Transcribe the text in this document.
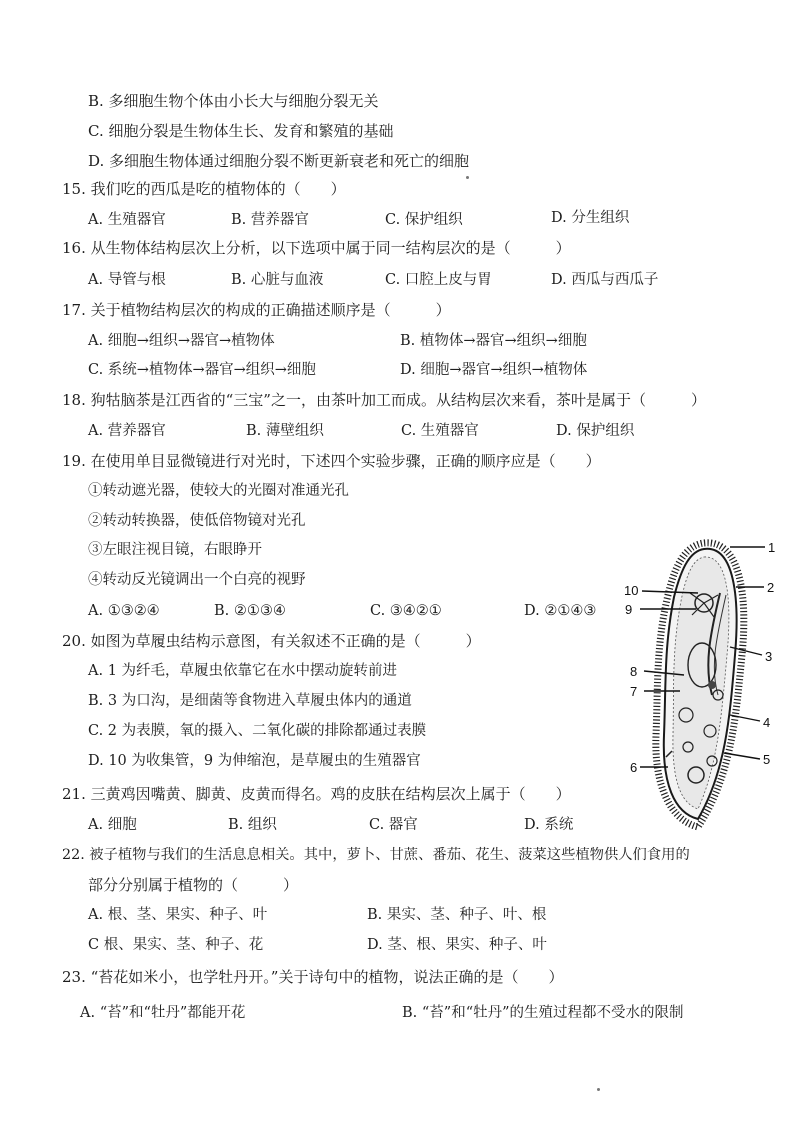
B. 多细胞生物个体由小长大与细胞分裂无关
C. 细胞分裂是生物体生长、发育和繁殖的基础
D. 多细胞生物体通过细胞分裂不断更新衰老和死亡的细胞
15. 我们吃的西瓜是吃的植物体的（　　）
A. 生殖器官	B. 营养器官	C. 保护组织	D. 分生组织
16. 从生物体结构层次上分析，以下选项中属于同一结构层次的是（　　　）
A. 导管与根	B. 心脏与血液	C. 口腔上皮与胃	D. 西瓜与西瓜子
17. 关于植物结构层次的构成的正确描述顺序是（　　　）
A. 细胞→组织→器官→植物体	B. 植物体→器官→组织→细胞
C. 系统→植物体→器官→组织→细胞	D. 细胞→器官→组织→植物体
18. 狗牯脑茶是江西省的“三宝”之一，由茶叶加工而成。从结构层次来看，茶叶是属于（　　　）
A. 营养器官	B. 薄壁组织	C. 生殖器官	D. 保护组织
19. 在使用单目显微镜进行对光时，下述四个实验步骤，正确的顺序应是（　　）
①转动遮光器，使较大的光圈对准通光孔
②转动转换器，使低倍物镜对光孔
③左眼注视目镜，右眼睁开
④转动反光镜调出一个白亮的视野
A. ①③②④	B. ②①③④	C. ③④②①	D. ②①④③
20. 如图为草履虫结构示意图，有关叙述不正确的是（　　　）
A. 1 为纤毛，草履虫依靠它在水中摆动旋转前进
B. 3 为口沟，是细菌等食物进入草履虫体内的通道
C. 2 为表膜，氧的摄入、二氧化碳的排除都通过表膜
D. 10 为收集管，9 为伸缩泡，是草履虫的生殖器官
21. 三黄鸡因嘴黄、脚黄、皮黄而得名。鸡的皮肤在结构层次上属于（　　）
A. 细胞	B. 组织	C. 器官	D. 系统
22. 被子植物与我们的生活息息相关。其中，萝卜、甘蔗、番茄、花生、菠菜这些植物供人们食用的
部分分别属于植物的（　　　）
A. 根、茎、果实、种子、叶	B. 果实、茎、种子、叶、根
C 根、果实、茎、种子、花	D. 茎、根、果实、种子、叶
23. “苔花如米小，也学牡丹开。”关于诗句中的植物，说法正确的是（　　）
A. “苔”和“牡丹”都能开花	B. “苔”和“牡丹”的生殖过程都不受水的限制
1
2
3
4
5
6
7
8
9
10
